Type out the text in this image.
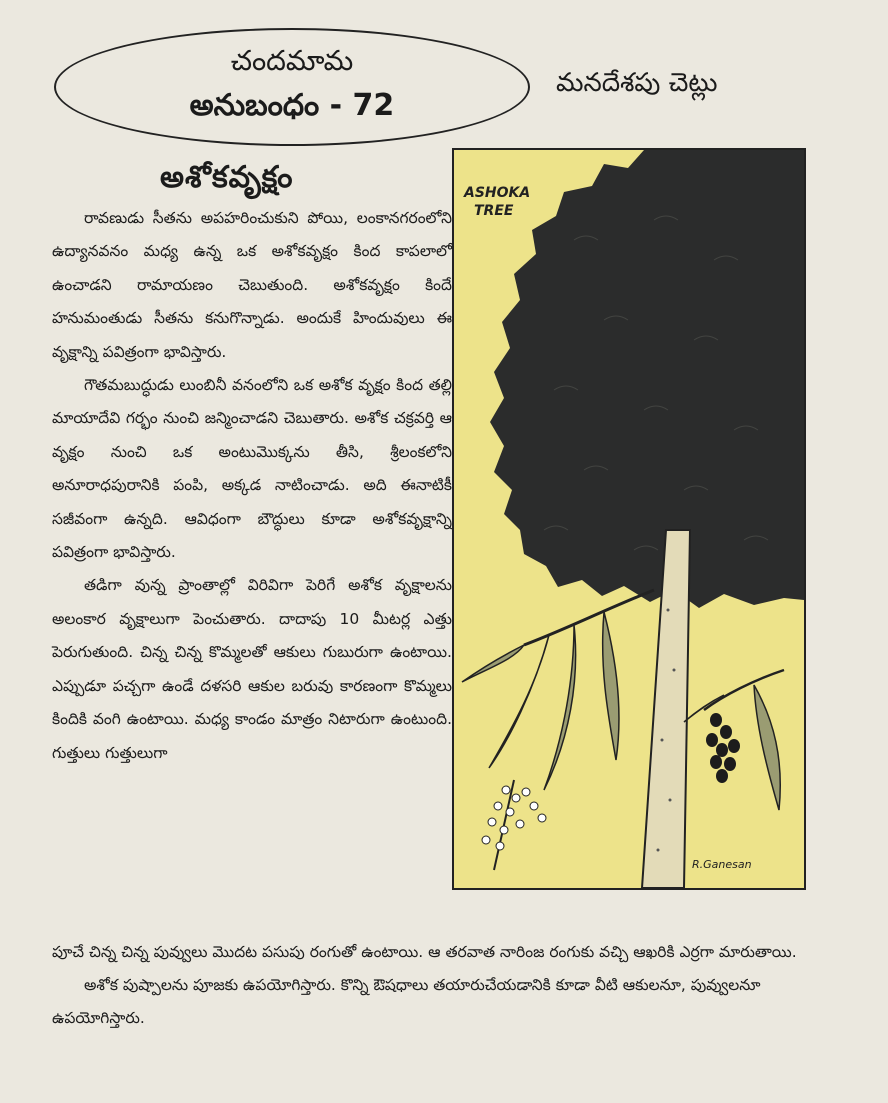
చందమామ
అనుబంధం - 72
మనదేశపు చెట్లు
అశోకవృక్షం

రావణుడు సీతను అపహరించుకుని పోయి, లంకానగరంలోని ఉద్యానవనం మధ్య ఉన్న ఒక అశోకవృక్షం కింద కాపలాలో ఉంచాడని రామాయణం చెబుతుంది. అశోకవృక్షం కిందే హనుమంతుడు సీతను కనుగొన్నాడు. అందుకే హిందువులు ఈ వృక్షాన్ని పవిత్రంగా భావిస్తారు.

గౌతమబుద్ధుడు లుంబినీ వనంలోని ఒక అశోక వృక్షం కింద తల్లి మాయాదేవి గర్భం నుంచి జన్మించాడని చెబుతారు. అశోక చక్రవర్తి ఆ వృక్షం నుంచి ఒక అంటుమొక్కను తీసి, శ్రీలంకలోని అనూరాధపురానికి పంపి, అక్కడ నాటించాడు. అది ఈనాటికీ సజీవంగా ఉన్నది. ఆవిధంగా బౌద్ధులు కూడా అశోకవృక్షాన్ని పవిత్రంగా భావిస్తారు.

తడిగా వున్న ప్రాంతాల్లో విరివిగా పెరిగే అశోక వృక్షాలను అలంకార వృక్షాలుగా పెంచుతారు. దాదాపు 10 మీటర్ల ఎత్తు పెరుగుతుంది. చిన్న చిన్న కొమ్మలతో ఆకులు గుబురుగా ఉంటాయి. ఎప్పుడూ పచ్చగా ఉండే దళసరి ఆకుల బరువు కారణంగా కొమ్మలు కిందికి వంగి ఉంటాయి. మధ్య కాండం మాత్రం నిటారుగా ఉంటుంది. గుత్తులు గుత్తులుగా

పూచే చిన్న చిన్న పువ్వులు మొదట పసుపు రంగుతో ఉంటాయి. ఆ తరవాత నారింజ రంగుకు వచ్చి ఆఖరికి ఎర్రగా మారుతాయి.

అశోక పుష్పాలను పూజకు ఉపయోగిస్తారు. కొన్ని ఔషధాలు తయారుచేయడానికి కూడా వీటి ఆకులనూ, పువ్వులనూ ఉపయోగిస్తారు.

ASHOKA
TREE
R.Ganesan
